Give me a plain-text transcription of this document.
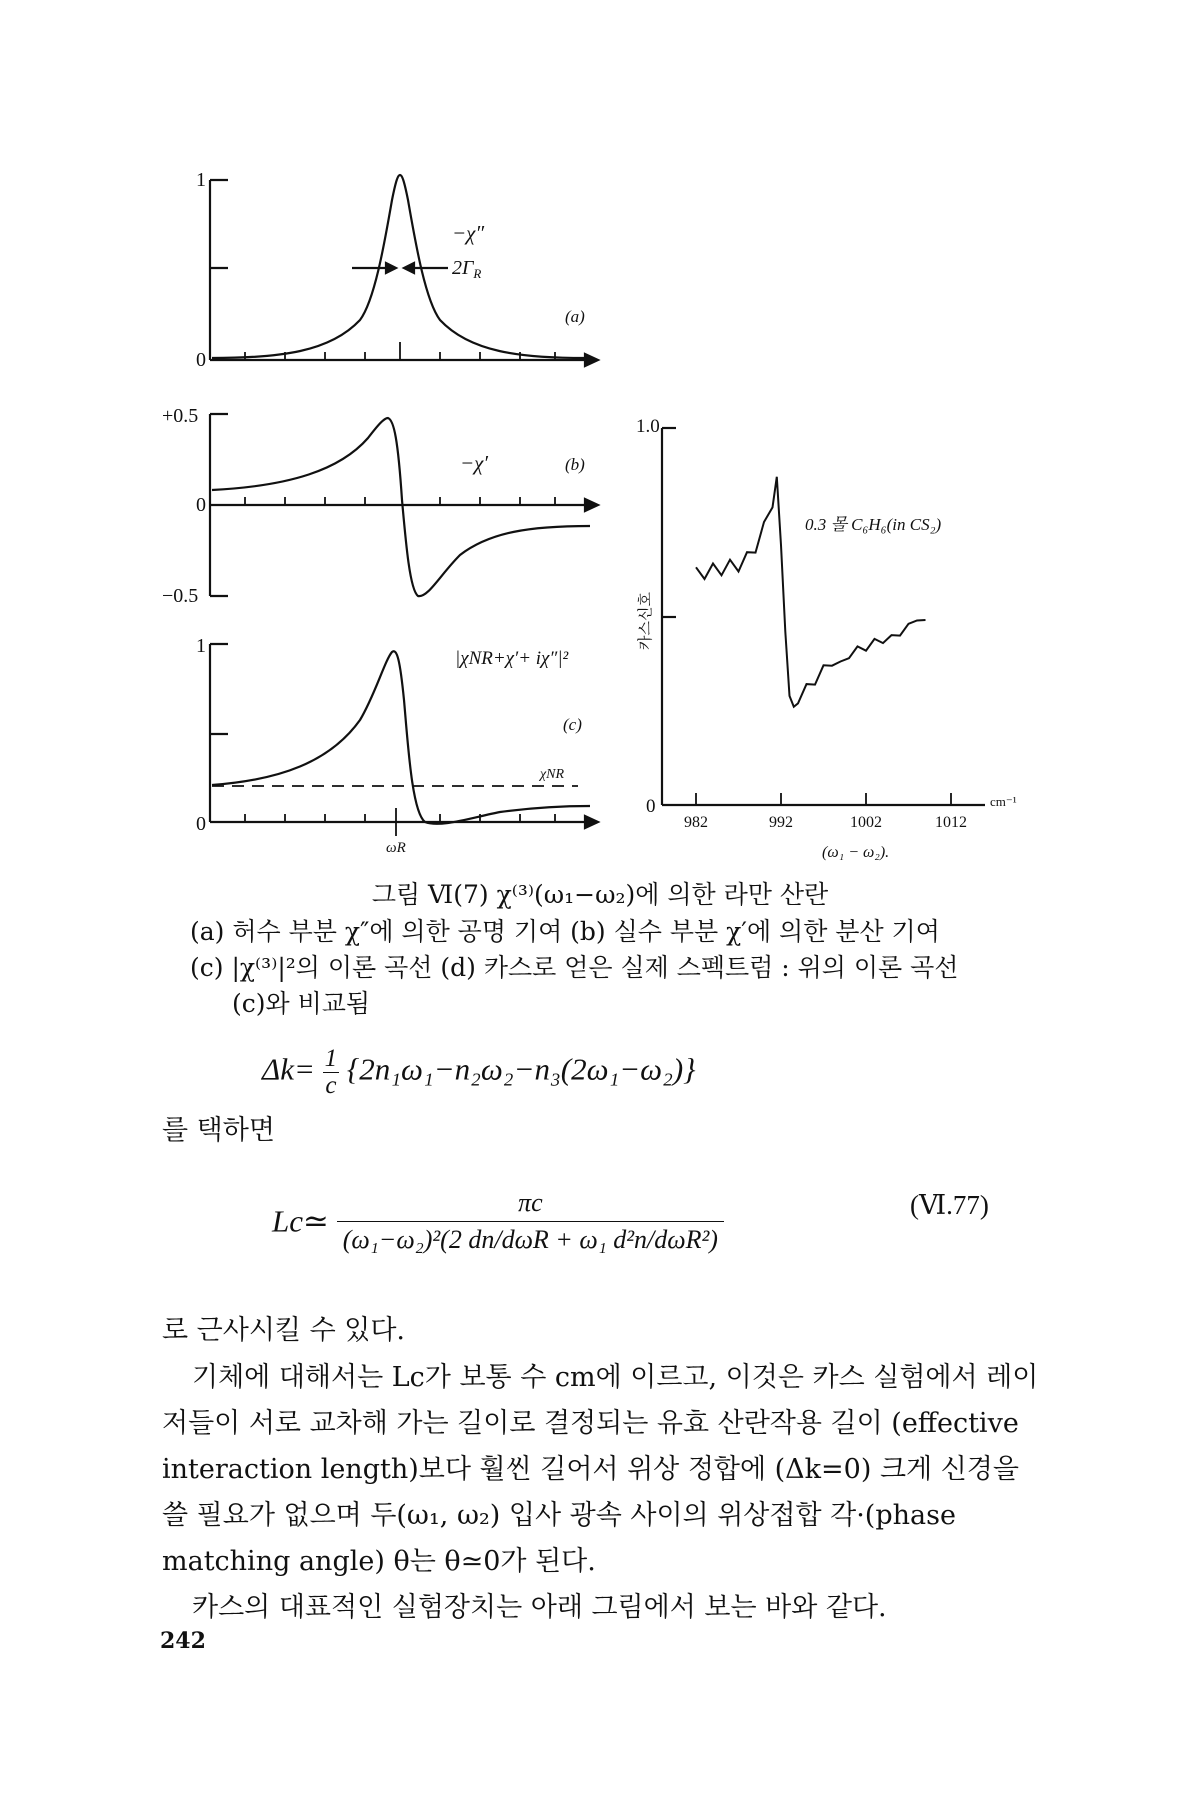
1
0
−χ″
$2\Gamma_R$
(a)
+0.5
0
−0.5
−χ′	(b)
1
0
|χNR+χ′+ iχ″|²
χNR
(c)
ωR
982	992	1002	1012
1.0
0
카스신호
0.3 몰 C₆H₆(in CS₂)
cm⁻¹
(ω₁ − ω₂).
그림 Ⅵ(7) χ⁽³⁾(ω₁−ω₂)에 의한 라만 산란
(a) 허수 부분 χ″에 의한 공명 기여 (b) 실수 부분 χ′에 의한 분산 기여
(c) |χ⁽³⁾|²의 이론 곡선 (d) 카스로 얻은 실제 스펙트럼 : 위의 이론 곡선
(c)와 비교됨
$\Delta k= \frac{1}{c} \{2n_1\omega_1-n_2\omega_2-n_3(2\omega_1-\omega_2)\}$
를 택하면
Lc≃
πc
(ω₁−ω₂)²(2 dn/dωR + ω₁ d²n/dωR²)
(Ⅵ.77)
로 근사시킬 수 있다.
기체에 대해서는 Lc가 보통 수 cm에 이르고, 이것은 카스 실험에서 레이저들이 서로 교차해 가는 길이로 결정되는 유효 산란작용 길이 (effective interaction length)보다 훨씬 길어서 위상 정합에 (Δk=0) 크게 신경을 쓸 필요가 없으며 두(ω₁, ω₂) 입사 광속 사이의 위상접합 각·(phase matching angle) θ는 θ≃0가 된다.
카스의 대표적인 실험장치는 아래 그림에서 보는 바와 같다.
242
